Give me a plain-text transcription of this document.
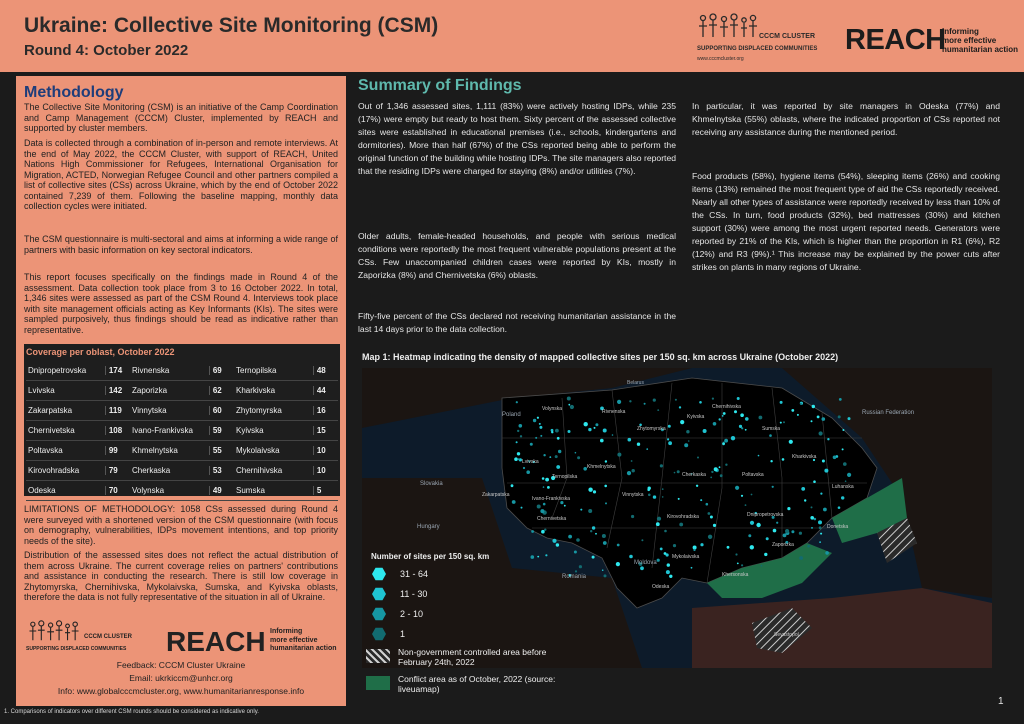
Ukraine: Collective Site Monitoring (CSM)
Round 4: October 2022
CCCM CLUSTER
SUPPORTING DISPLACED COMMUNITIES
www.cccmcluster.org
REACH
Informing
more effective
humanitarian action
Methodology

The Collective Site Monitoring (CSM) is an initiative of the Camp Coordination and Camp Management (CCCM) Cluster, implemented by REACH and supported by cluster members.

Data is collected through a combination of in-person and remote interviews. At the end of May 2022, the CCCM Cluster, with support of REACH, United Nations High Commissioner for Refugees, International Organisation for Migration, ACTED, Norwegian Refugee Council and other partners compiled a list of collective sites (CSs) across Ukraine, which by the end of October 2022 contained 7,239 of them. Following the baseline mapping, monthly data collection cycles were initiated.

The CSM questionnaire is multi-sectoral and aims at informing a wide range of partners with basic information on key sectoral indicators.

This report focuses specifically on the findings made in Round 4 of the assessment. Data collection took place from 3 to 16 October 2022. In total, 1,346 sites were assessed as part of the CSM Round 4. Interviews took place with site management officials acting as Key Informants (KIs). The sites were sampled purposively, thus findings should be read as indicative rather than representative.

Coverage per oblast, October 2022
Dnipropetrovska	174	Rivnenska	69	Ternopilska	48
Lvivska	142	Zaporizka	62	Kharkivska	44
Zakarpatska	119	Vinnytska	60	Zhytomyrska	16
Chernivetska	108	Ivano-Frankivska	59	Kyivska	15
Poltavska	99	Khmelnytska	55	Mykolaivska	10
Kirovohradska	79	Cherkaska	53	Chernihivska	10
Odeska	70	Volynska	49	Sumska	5

LIMITATIONS OF METHODOLOGY: 1058 CSs assessed during Round 4 were surveyed with a shortened version of the CSM questionnaire (with focus on demography, vulnerabilities, IDPs movement intentions, and top priority needs of the site).

Distribution of the assessed sites does not reflect the actual distribution of them across Ukraine. The current coverage relies on partners' contributions and assistance in conducting the research. There is still low coverage in Zhytomyrska, Chernihivska, Mykolaivska, Sumska, and Kyivska oblasts, therefore the data is not fully representative of the situation in all of Ukraine.

CCCM CLUSTER
SUPPORTING DISPLACED COMMUNITIES REACH Informing
more effective
humanitarian action
Feedback: CCCM Cluster Ukraine
Email: ukrkiccm@unhcr.org
Info: www.globalcccmcluster.org, www.humanitarianresponse.info
Summary of Findings

Out of 1,346 assessed sites, 1,111 (83%) were actively hosting IDPs, while 235 (17%) were empty but ready to host them. Sixty percent of the assessed collective sites were established in educational premises (i.e., schools, kindergartens and dormitories). More than half (67%) of the CSs reported being able to perform the original function of the building while hosting IDPs. The site managers also reported that the residing IDPs were charged for staying (8%) and/or utilities (7%).

Older adults, female-headed households, and people with serious medical conditions were reportedly the most frequent vulnerable populations present at the CSs. Few unaccompanied children cases were reported by KIs, mostly in Zaporizka (8%) and Chernivetska (6%) oblasts.

Fifty-five percent of the CSs declared not receiving humanitarian assistance in the last 14 days prior to the data collection.

In particular, it was reported by site managers in Odeska (77%) and Khmelnytska (55%) oblasts, where the indicated proportion of CSs reported not receiving any assistance during the mentioned period.

Food products (58%), hygiene items (54%), sleeping items (26%) and cooking items (13%) remained the most frequent type of aid the CSs reportedly received. Nearly all other types of assistance were reportedly received by less than 10% of the CSs. In turn, food products (32%), bed mattresses (30%) and kitchen support (30%) were among the most urgent reported needs. Generators were reported by 21% of the KIs, which is higher than the proportion in R1 (6%), R2 (12%) and R3 (9%).¹ This increase may be explained by the power cuts after strikes on plants in many regions of Ukraine.

Map 1: Heatmap indicating the density of mapped collective sites per 150 sq. km across Ukraine (October 2022)
Belarus
Poland	Russian Federation
Slovakia
Hungary
Romania
Moldova
Volynska	Rivnenska
Zhytomyrska
Kyivska
Chernihivska
Sumska
Lvivska
Ternopilska
Khmelnytska
Vinnytska
Cherkaska	Poltavska
Kharkivska
Luhanska
Ivano-Frankivska
Zakarpatska
Chernivetska	Kirovohradska	Dnipropetrovska
Donetska
Mykolaivska
Zaporizka
Khersonska
Odeska
Sevastopol
Number of sites per 150 sq. km
31 - 64
11 - 30
2 - 10
1
Non-government controlled area before February 24th, 2022
Conflict area as of October, 2022 (source: liveuamap)
1. Comparisons of indicators over different CSM rounds should be considered as indicative only.
1
